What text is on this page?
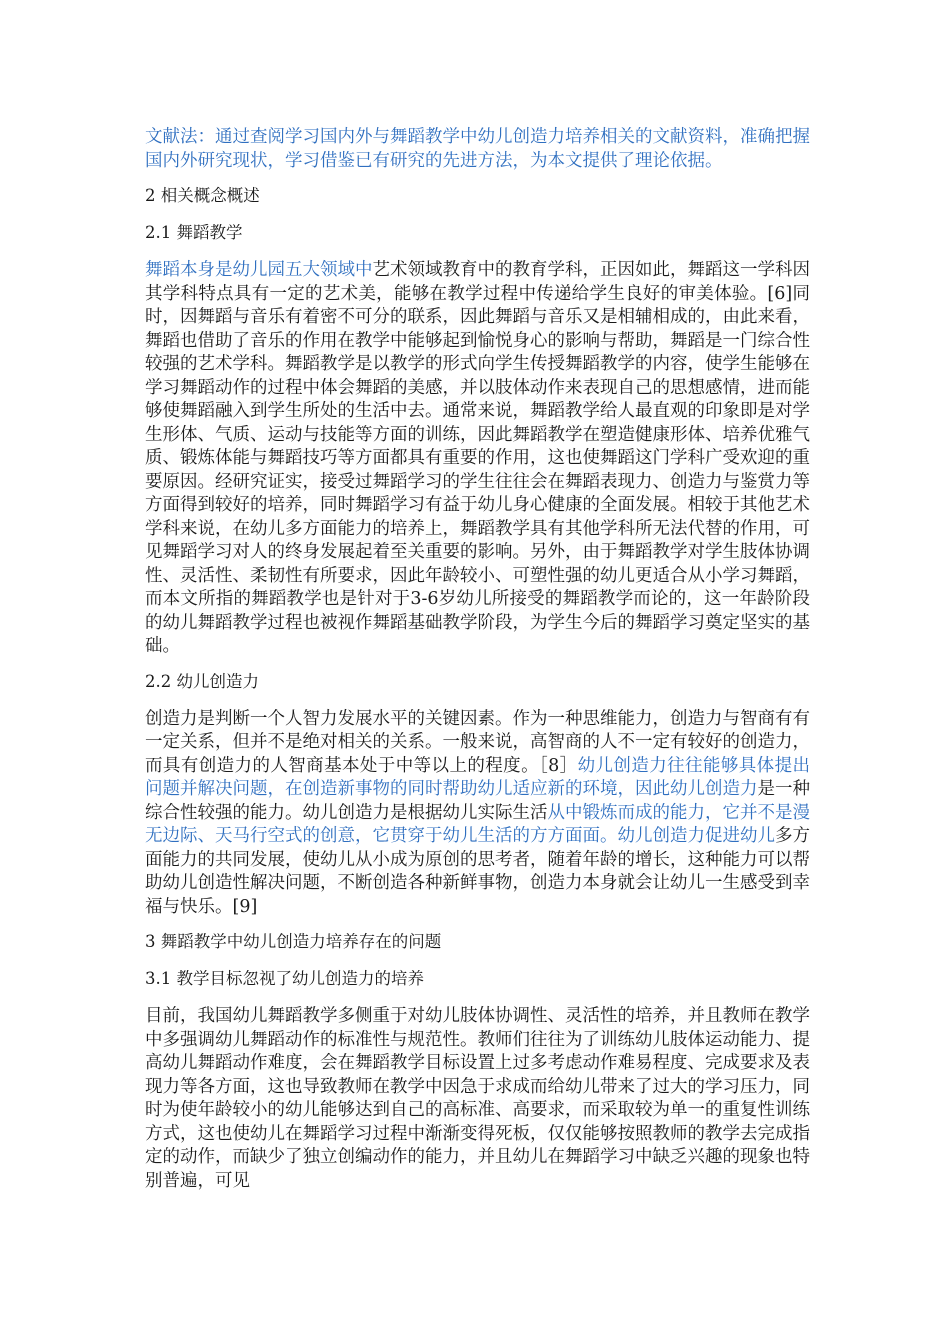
文献法：通过查阅学习国内外与舞蹈教学中幼儿创造力培养相关的文献资料，准确把握国内外研究现状，学习借鉴已有研究的先进方法，为本文提供了理论依据。

2 相关概念概述
2.1 舞蹈教学

舞蹈本身是幼儿园五大领域中艺术领域教育中的教育学科，正因如此，舞蹈这一学科因其学科特点具有一定的艺术美，能够在教学过程中传递给学生良好的审美体验。[6]同时，因舞蹈与音乐有着密不可分的联系，因此舞蹈与音乐又是相辅相成的，由此来看，舞蹈也借助了音乐的作用在教学中能够起到愉悦身心的影响与帮助，舞蹈是一门综合性较强的艺术学科。舞蹈教学是以教学的形式向学生传授舞蹈教学的内容，使学生能够在学习舞蹈动作的过程中体会舞蹈的美感，并以肢体动作来表现自己的思想感情，进而能够使舞蹈融入到学生所处的生活中去。通常来说，舞蹈教学给人最直观的印象即是对学生形体、气质、运动与技能等方面的训练，因此舞蹈教学在塑造健康形体、培养优雅气质、锻炼体能与舞蹈技巧等方面都具有重要的作用，这也使舞蹈这门学科广受欢迎的重要原因。经研究证实，接受过舞蹈学习的学生往往会在舞蹈表现力、创造力与鉴赏力等方面得到较好的培养，同时舞蹈学习有益于幼儿身心健康的全面发展。相较于其他艺术学科来说，在幼儿多方面能力的培养上，舞蹈教学具有其他学科所无法代替的作用，可见舞蹈学习对人的终身发展起着至关重要的影响。另外，由于舞蹈教学对学生肢体协调性、灵活性、柔韧性有所要求，因此年龄较小、可塑性强的幼儿更适合从小学习舞蹈，而本文所指的舞蹈教学也是针对于3-6岁幼儿所接受的舞蹈教学而论的，这一年龄阶段的幼儿舞蹈教学过程也被视作舞蹈基础教学阶段，为学生今后的舞蹈学习奠定坚实的基础。

2.2 幼儿创造力

创造力是判断一个人智力发展水平的关键因素。作为一种思维能力，创造力与智商有有一定关系，但并不是绝对相关的关系。一般来说，高智商的人不一定有较好的创造力，而具有创造力的人智商基本处于中等以上的程度。［8］幼儿创造力往往能够具体提出问题并解决问题，在创造新事物的同时帮助幼儿适应新的环境，因此幼儿创造力是一种综合性较强的能力。幼儿创造力是根据幼儿实际生活从中锻炼而成的能力，它并不是漫无边际、天马行空式的创意，它贯穿于幼儿生活的方方面面。幼儿创造力促进幼儿多方面能力的共同发展，使幼儿从小成为原创的思考者，随着年龄的增长，这种能力可以帮助幼儿创造性解决问题，不断创造各种新鲜事物，创造力本身就会让幼儿一生感受到幸福与快乐。[9]

3 舞蹈教学中幼儿创造力培养存在的问题
3.1 教学目标忽视了幼儿创造力的培养

目前，我国幼儿舞蹈教学多侧重于对幼儿肢体协调性、灵活性的培养，并且教师在教学中多强调幼儿舞蹈动作的标准性与规范性。教师们往往为了训练幼儿肢体运动能力、提高幼儿舞蹈动作难度，会在舞蹈教学目标设置上过多考虑动作难易程度、完成要求及表现力等各方面，这也导致教师在教学中因急于求成而给幼儿带来了过大的学习压力，同时为使年龄较小的幼儿能够达到自己的高标准、高要求，而采取较为单一的重复性训练方式，这也使幼儿在舞蹈学习过程中渐渐变得死板，仅仅能够按照教师的教学去完成指定的动作，而缺少了独立创编动作的能力，并且幼儿在舞蹈学习中缺乏兴趣的现象也特别普遍，可见
